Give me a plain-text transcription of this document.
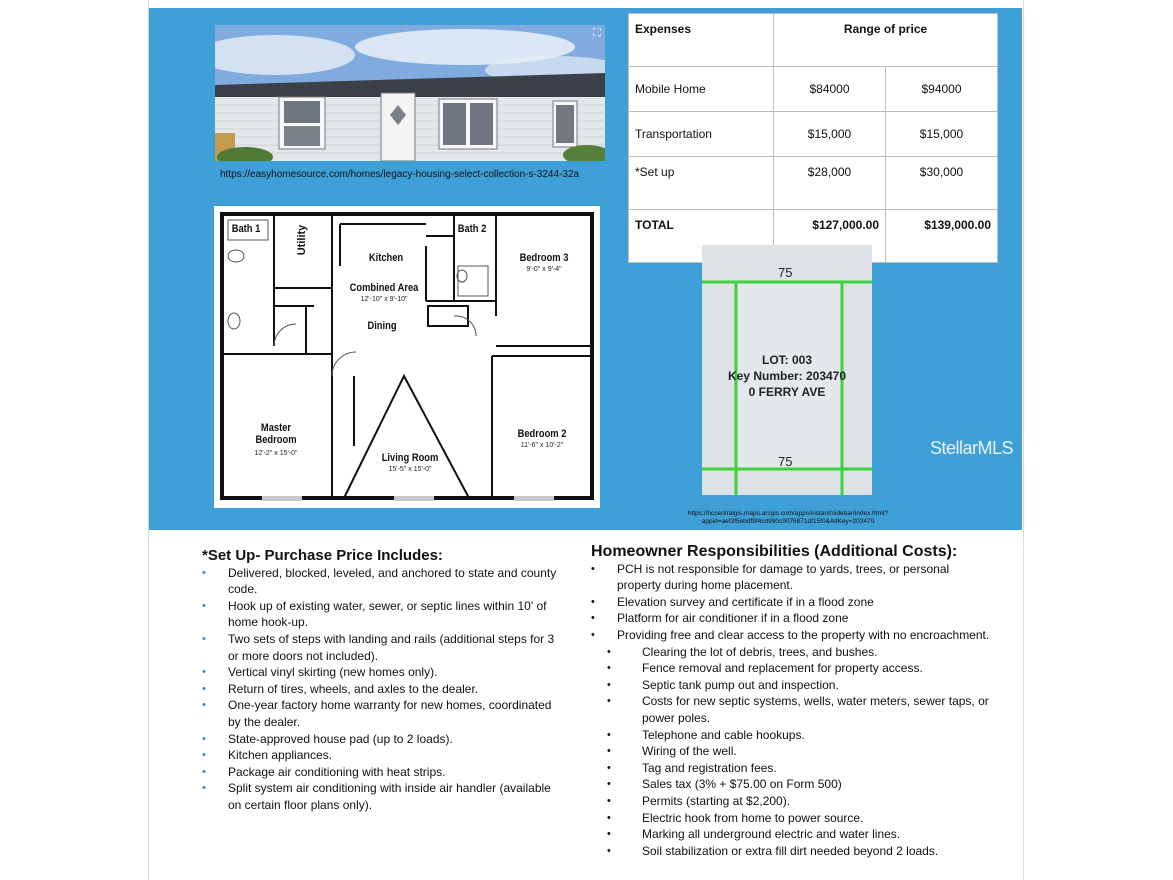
⛶
https://easyhomesource.com/homes/legacy-housing-select-collection-s-3244-32a
Bath 1	Utility
Kitchen
Bath 2
Bedroom 3
9'-0" x 9'-4"
Combined Area
12'-10" x 9'-10"
Dining
Master Bedroom
12'-2" x 15'-0"	Living Room
15'-5" x 15'-0"
Bedroom 2
11'-6" x 10'-2"
Expenses	Range of price	
Mobile Home	$84000	$94000
Transportation	$15,000	$15,000
*Set up	$28,000	$30,000
TOTAL	$127,000.00	$139,000.00
75
LOT: 003
Key Number: 203470
0 FERRY AVE
75
StellarMLS
https://hccentralgis.maps.arcgis.com/apps/instant/sidebar/index.html?
appid=aef3f5ebdf9f4cd990c9076871df15f0&AltKey=203470
*Set Up- Purchase Price Includes:
• Delivered, blocked, leveled, and anchored to state and county code.
• Hook up of existing water, sewer, or septic lines within 10' of home hook-up.
• Two sets of steps with landing and rails (additional steps for 3 or more doors not included).
• Vertical vinyl skirting (new homes only).
• Return of tires, wheels, and axles to the dealer.
• One-year factory home warranty for new homes, coordinated by the dealer.
• State-approved house pad (up to 2 loads).
• Kitchen appliances.
• Package air conditioning with heat strips.
• Split system air conditioning with inside air handler (available on certain floor plans only).
Homeowner Responsibilities (Additional Costs):
• PCH is not responsible for damage to yards, trees, or personal property during home placement.
• Elevation survey and certificate if in a flood zone
• Platform for air conditioner if in a flood zone
• Providing free and clear access to the property with no encroachment.
• Clearing the lot of debris, trees, and bushes.
• Fence removal and replacement for property access.
• Septic tank pump out and inspection.
• Costs for new septic systems, wells, water meters, sewer taps, or power poles.
• Telephone and cable hookups.
• Wiring of the well.
• Tag and registration fees.
• Sales tax (3% + $75.00 on Form 500)
• Permits (starting at $2,200).
• Electric hook from home to power source.
• Marking all underground electric and water lines.
• Soil stabilization or extra fill dirt needed beyond 2 loads.
